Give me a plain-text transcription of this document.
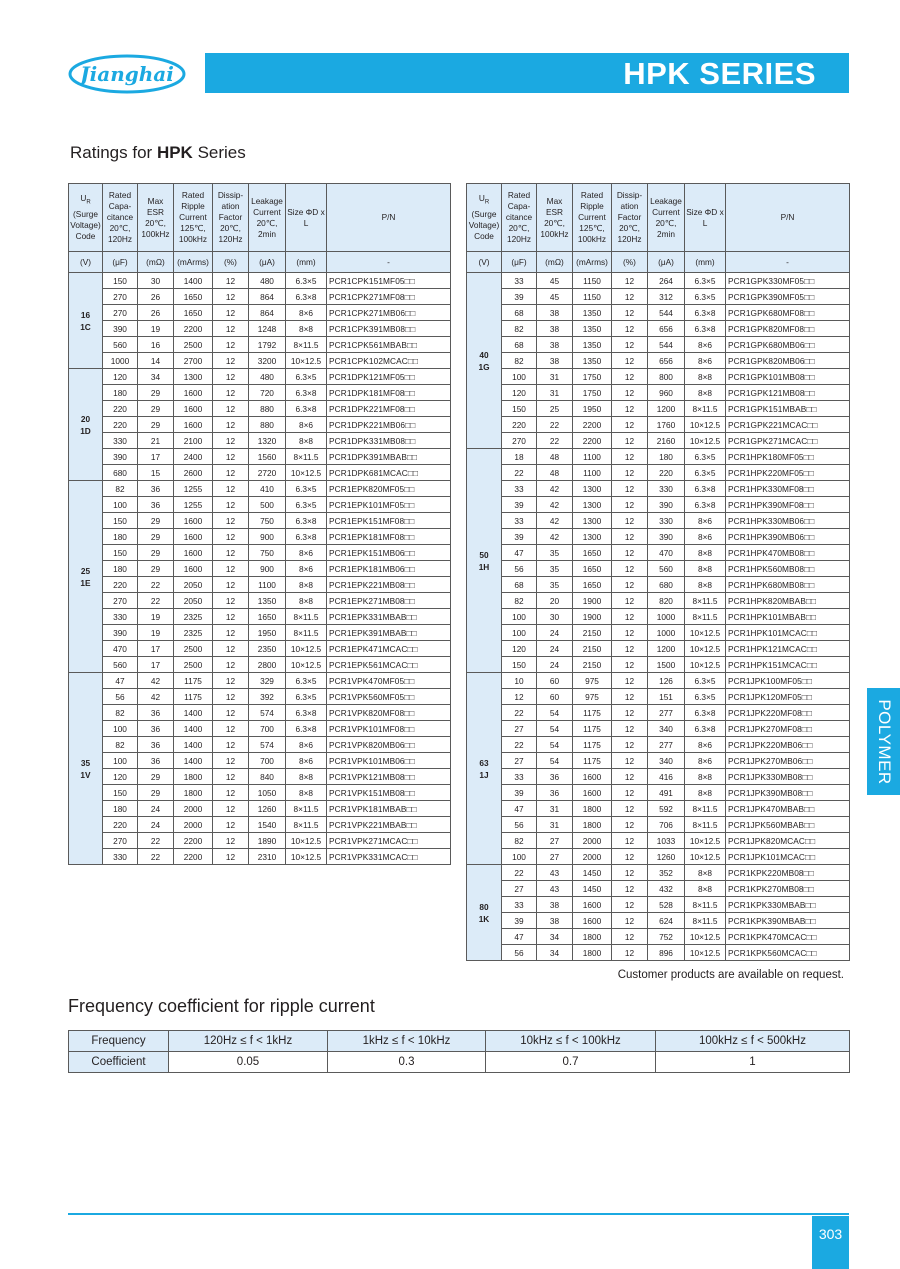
Jianghai	HPK SERIES
Ratings for HPK Series
$U_R$
(Surge Voltage) Code	Rated Capa-citance 20℃, 120Hz	Max ESR 20℃, 100kHz	Rated Ripple Current 125℃, 100kHz	Dissip-ation Factor 20℃, 120Hz	Leakage Current 20℃, 2min	Size ΦD x L	P/N
(V)	(μF)	(mΩ)	(mArms)	(%)	(μA)	(mm)	-

16
1C	150	30	1400	12	480	6.3×5	PCR1CPK151MF05□□
	270	26	1650	12	864	6.3×8	PCR1CPK271MF08□□
	270	26	1650	12	864	8×6	PCR1CPK271MB06□□
	390	19	2200	12	1248	8×8	PCR1CPK391MB08□□
	560	16	2500	12	1792	8×11.5	PCR1CPK561MBAB□□
	1000	14	2700	12	3200	10×12.5	PCR1CPK102MCAC□□

20
1D	120	34	1300	12	480	6.3×5	PCR1DPK121MF05□□
	180	29	1600	12	720	6.3×8	PCR1DPK181MF08□□
	220	29	1600	12	880	6.3×8	PCR1DPK221MF08□□
	220	29	1600	12	880	8×6	PCR1DPK221MB06□□
	330	21	2100	12	1320	8×8	PCR1DPK331MB08□□
	390	17	2400	12	1560	8×11.5	PCR1DPK391MBAB□□
	680	15	2600	12	2720	10×12.5	PCR1DPK681MCAC□□

25
1E	82	36	1255	12	410	6.3×5	PCR1EPK820MF05□□
	100	36	1255	12	500	6.3×5	PCR1EPK101MF05□□
	150	29	1600	12	750	6.3×8	PCR1EPK151MF08□□
	180	29	1600	12	900	6.3×8	PCR1EPK181MF08□□
	150	29	1600	12	750	8×6	PCR1EPK151MB06□□
	180	29	1600	12	900	8×6	PCR1EPK181MB06□□
	220	22	2050	12	1100	8×8	PCR1EPK221MB08□□
	270	22	2050	12	1350	8×8	PCR1EPK271MB08□□
	330	19	2325	12	1650	8×11.5	PCR1EPK331MBAB□□
	390	19	2325	12	1950	8×11.5	PCR1EPK391MBAB□□
	470	17	2500	12	2350	10×12.5	PCR1EPK471MCAC□□
	560	17	2500	12	2800	10×12.5	PCR1EPK561MCAC□□

35
1V	47	42	1175	12	329	6.3×5	PCR1VPK470MF05□□
	56	42	1175	12	392	6.3×5	PCR1VPK560MF05□□
	82	36	1400	12	574	6.3×8	PCR1VPK820MF08□□
	100	36	1400	12	700	6.3×8	PCR1VPK101MF08□□
	82	36	1400	12	574	8×6	PCR1VPK820MB06□□
	100	36	1400	12	700	8×6	PCR1VPK101MB06□□
	120	29	1800	12	840	8×8	PCR1VPK121MB08□□
	150	29	1800	12	1050	8×8	PCR1VPK151MB08□□
	180	24	2000	12	1260	8×11.5	PCR1VPK181MBAB□□
	220	24	2000	12	1540	8×11.5	PCR1VPK221MBAB□□
	270	22	2200	12	1890	10×12.5	PCR1VPK271MCAC□□
	330	22	2200	12	2310	10×12.5	PCR1VPK331MCAC□□
$U_R$
(Surge Voltage) Code	Rated Capa-citance 20℃, 120Hz	Max ESR 20℃, 100kHz	Rated Ripple Current 125℃, 100kHz	Dissip-ation Factor 20℃, 120Hz	Leakage Current 20℃, 2min	Size ΦD x L	P/N
(V)	(μF)	(mΩ)	(mArms)	(%)	(μA)	(mm)	-

40
1G	33	45	1150	12	264	6.3×5	PCR1GPK330MF05□□
	39	45	1150	12	312	6.3×5	PCR1GPK390MF05□□
	68	38	1350	12	544	6.3×8	PCR1GPK680MF08□□
	82	38	1350	12	656	6.3×8	PCR1GPK820MF08□□
	68	38	1350	12	544	8×6	PCR1GPK680MB06□□
	82	38	1350	12	656	8×6	PCR1GPK820MB06□□
	100	31	1750	12	800	8×8	PCR1GPK101MB08□□
	120	31	1750	12	960	8×8	PCR1GPK121MB08□□
	150	25	1950	12	1200	8×11.5	PCR1GPK151MBAB□□
	220	22	2200	12	1760	10×12.5	PCR1GPK221MCAC□□
	270	22	2200	12	2160	10×12.5	PCR1GPK271MCAC□□

50
1H	18	48	1100	12	180	6.3×5	PCR1HPK180MF05□□
	22	48	1100	12	220	6.3×5	PCR1HPK220MF05□□
	33	42	1300	12	330	6.3×8	PCR1HPK330MF08□□
	39	42	1300	12	390	6.3×8	PCR1HPK390MF08□□
	33	42	1300	12	330	8×6	PCR1HPK330MB06□□
	39	42	1300	12	390	8×6	PCR1HPK390MB06□□
	47	35	1650	12	470	8×8	PCR1HPK470MB08□□
	56	35	1650	12	560	8×8	PCR1HPK560MB08□□
	68	35	1650	12	680	8×8	PCR1HPK680MB08□□
	82	20	1900	12	820	8×11.5	PCR1HPK820MBAB□□
	100	30	1900	12	1000	8×11.5	PCR1HPK101MBAB□□
	100	24	2150	12	1000	10×12.5	PCR1HPK101MCAC□□
	120	24	2150	12	1200	10×12.5	PCR1HPK121MCAC□□
	150	24	2150	12	1500	10×12.5	PCR1HPK151MCAC□□

63
1J	10	60	975	12	126	6.3×5	PCR1JPK100MF05□□
	12	60	975	12	151	6.3×5	PCR1JPK120MF05□□
	22	54	1175	12	277	6.3×8	PCR1JPK220MF08□□
	27	54	1175	12	340	6.3×8	PCR1JPK270MF08□□
	22	54	1175	12	277	8×6	PCR1JPK220MB06□□
	27	54	1175	12	340	8×6	PCR1JPK270MB06□□
	33	36	1600	12	416	8×8	PCR1JPK330MB08□□
	39	36	1600	12	491	8×8	PCR1JPK390MB08□□
	47	31	1800	12	592	8×11.5	PCR1JPK470MBAB□□
	56	31	1800	12	706	8×11.5	PCR1JPK560MBAB□□
	82	27	2000	12	1033	10×12.5	PCR1JPK820MCAC□□
	100	27	2000	12	1260	10×12.5	PCR1JPK101MCAC□□

80
1K	22	43	1450	12	352	8×8	PCR1KPK220MB08□□
	27	43	1450	12	432	8×8	PCR1KPK270MB08□□
	33	38	1600	12	528	8×11.5	PCR1KPK330MBAB□□
	39	38	1600	12	624	8×11.5	PCR1KPK390MBAB□□
	47	34	1800	12	752	10×12.5	PCR1KPK470MCAC□□
	56	34	1800	12	896	10×12.5	PCR1KPK560MCAC□□
Customer products are available on request.
Frequency coefficient for ripple current
Frequency	120Hz ≤ f < 1kHz	1kHz ≤ f < 10kHz	10kHz ≤ f < 100kHz	100kHz ≤ f < 500kHz
Coefficient	0.05	0.3	0.7	1
POLYMER
303
